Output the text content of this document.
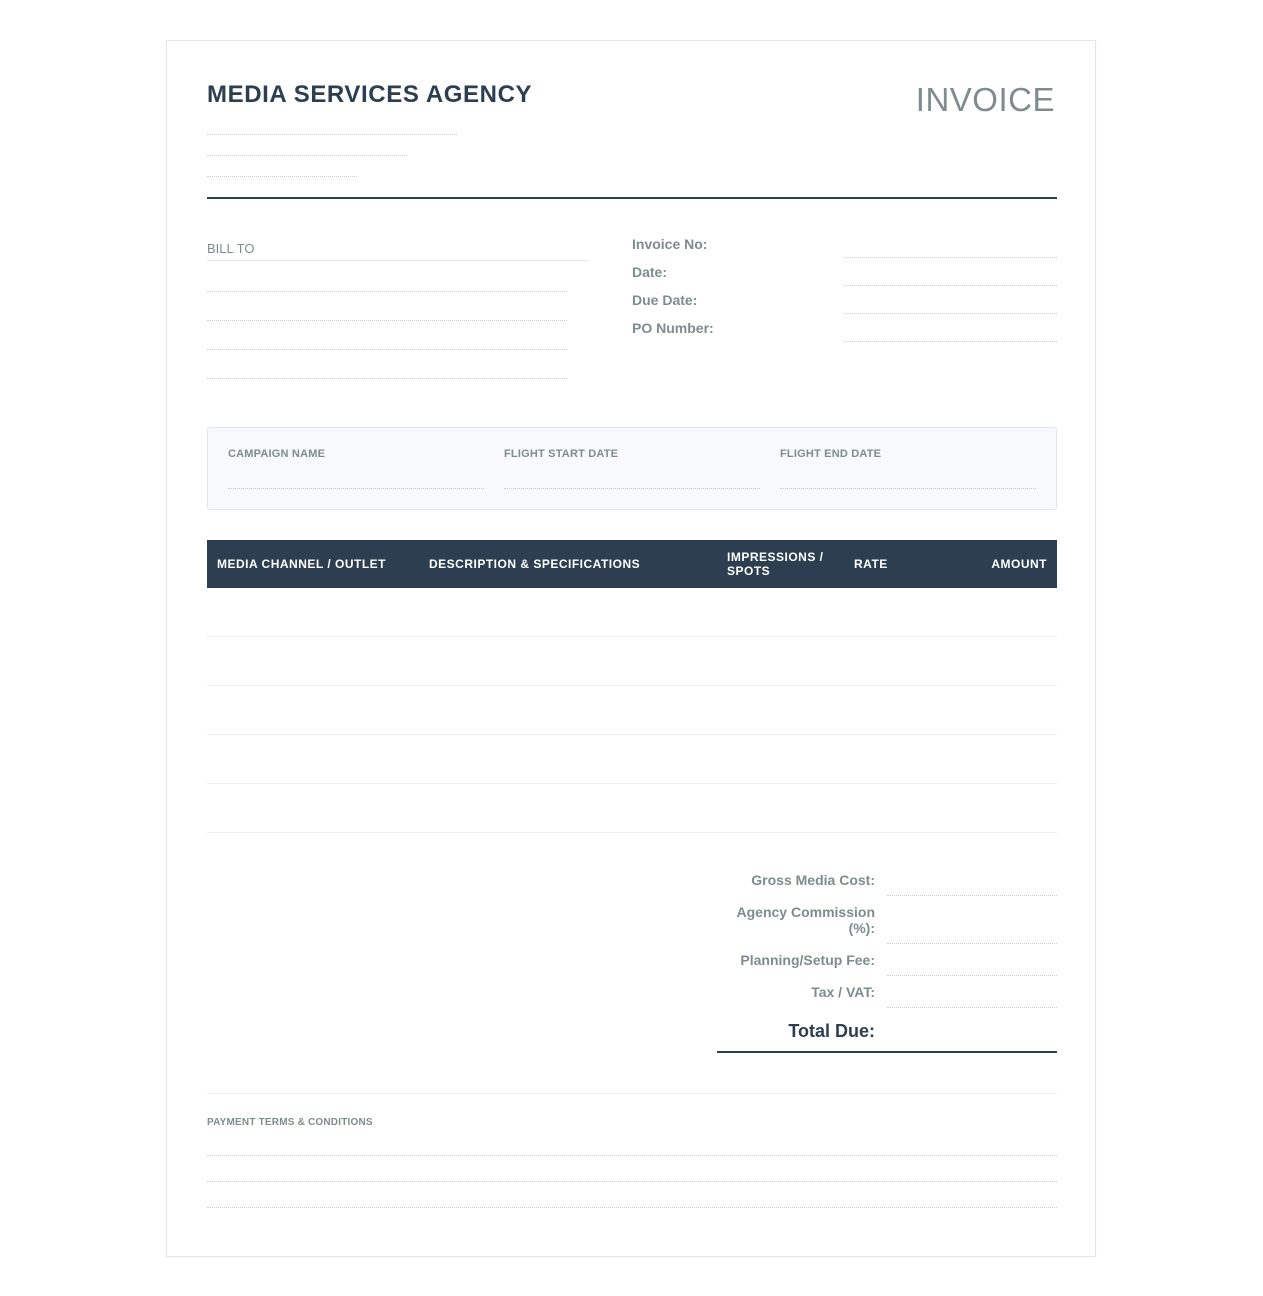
MEDIA SERVICES AGENCY	INVOICE
BILL TO	Invoice No:
Date:
Due Date:
PO Number:
CAMPAIGN NAME	FLIGHT START DATE	FLIGHT END DATE
MEDIA CHANNEL / OUTLET	DESCRIPTION & SPECIFICATIONS	IMPRESSIONS / SPOTS	RATE	AMOUNT
Gross Media Cost:
Agency Commission (%):
Planning/Setup Fee:
Tax / VAT:
Total Due:
PAYMENT TERMS & CONDITIONS
